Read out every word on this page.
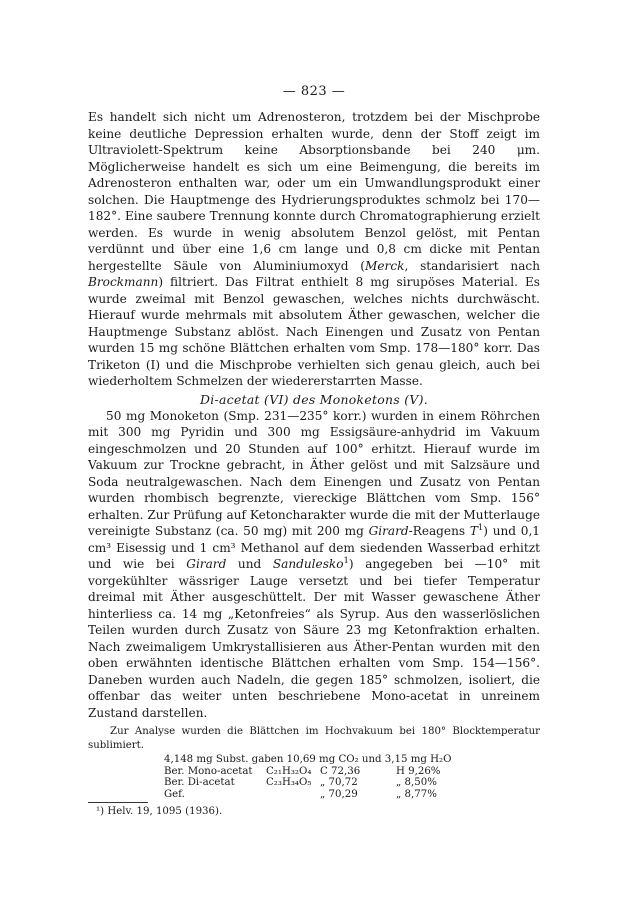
— 823 —

Es handelt sich nicht um Adrenosteron, trotzdem bei der Mischprobe keine deutliche Depression erhalten wurde, denn der Stoff zeigt im Ultraviolett-Spektrum keine Absorptionsbande bei 240 μm. Möglicherweise handelt es sich um eine Beimengung, die bereits im Adrenosteron enthalten war, oder um ein Umwandlungsprodukt einer solchen. Die Hauptmenge des Hydrierungsproduktes schmolz bei 170—182°. Eine saubere Trennung konnte durch Chromatographierung erzielt werden. Es wurde in wenig absolutem Benzol gelöst, mit Pentan verdünnt und über eine 1,6 cm lange und 0,8 cm dicke mit Pentan hergestellte Säule von Aluminiumoxyd (Merck, standarisiert nach Brockmann) filtriert. Das Filtrat enthielt 8 mg sirupöses Material. Es wurde zweimal mit Benzol gewaschen, welches nichts durchwäscht. Hierauf wurde mehrmals mit absolutem Äther gewaschen, welcher die Hauptmenge Substanz ablöst. Nach Einengen und Zusatz von Pentan wurden 15 mg schöne Blättchen erhalten vom Smp. 178—180° korr. Das Triketon (I) und die Mischprobe verhielten sich genau gleich, auch bei wiederholtem Schmelzen der wiedererstarrten Masse.

Di-acetat (VI) des Monoketons (V).

50 mg Monoketon (Smp. 231—235° korr.) wurden in einem Röhrchen mit 300 mg Pyridin und 300 mg Essigsäure-anhydrid im Vakuum eingeschmolzen und 20 Stunden auf 100° erhitzt. Hierauf wurde im Vakuum zur Trockne gebracht, in Äther gelöst und mit Salzsäure und Soda neutralgewaschen. Nach dem Einengen und Zusatz von Pentan wurden rhombisch begrenzte, viereckige Blättchen vom Smp. 156° erhalten. Zur Prüfung auf Ketoncharakter wurde die mit der Mutterlauge vereinigte Substanz (ca. 50 mg) mit 200 mg Girard-Reagens $T^1$) und 0,1 cm³ Eisessig und 1 cm³ Methanol auf dem siedenden Wasserbad erhitzt und wie bei Girard und Sandulesko$^1$) angegeben bei —10° mit vorgekühlter wässriger Lauge versetzt und bei tiefer Temperatur dreimal mit Äther ausgeschüttelt. Der mit Wasser gewaschene Äther hinterliess ca. 14 mg „Ketonfreies“ als Syrup. Aus den wasserlöslichen Teilen wurden durch Zusatz von Säure 23 mg Ketonfraktion erhalten. Nach zweimaligem Umkrystallisieren aus Äther-Pentan wurden mit den oben erwähnten identische Blättchen erhalten vom Smp. 154—156°. Daneben wurden auch Nadeln, die gegen 185° schmolzen, isoliert, die offenbar das weiter unten beschriebene Mono-acetat in unreinem Zustand darstellen.

Zur Analyse wurden die Blättchen im Hochvakuum bei 180° Blocktemperatur sublimiert.

4,148 mg Subst. gaben 10,69 mg CO₂ und 3,15 mg H₂O
Ber. Mono-acetat	C₂₁H₃₂O₄ C 72,36	H 9,26%
Ber. Di-acetat	C₂₃H₃₄O₅ „ 70,72	„ 8,50%
Gef.	„ 70,29	„ 8,77%
¹) Helv. 19, 1095 (1936).
